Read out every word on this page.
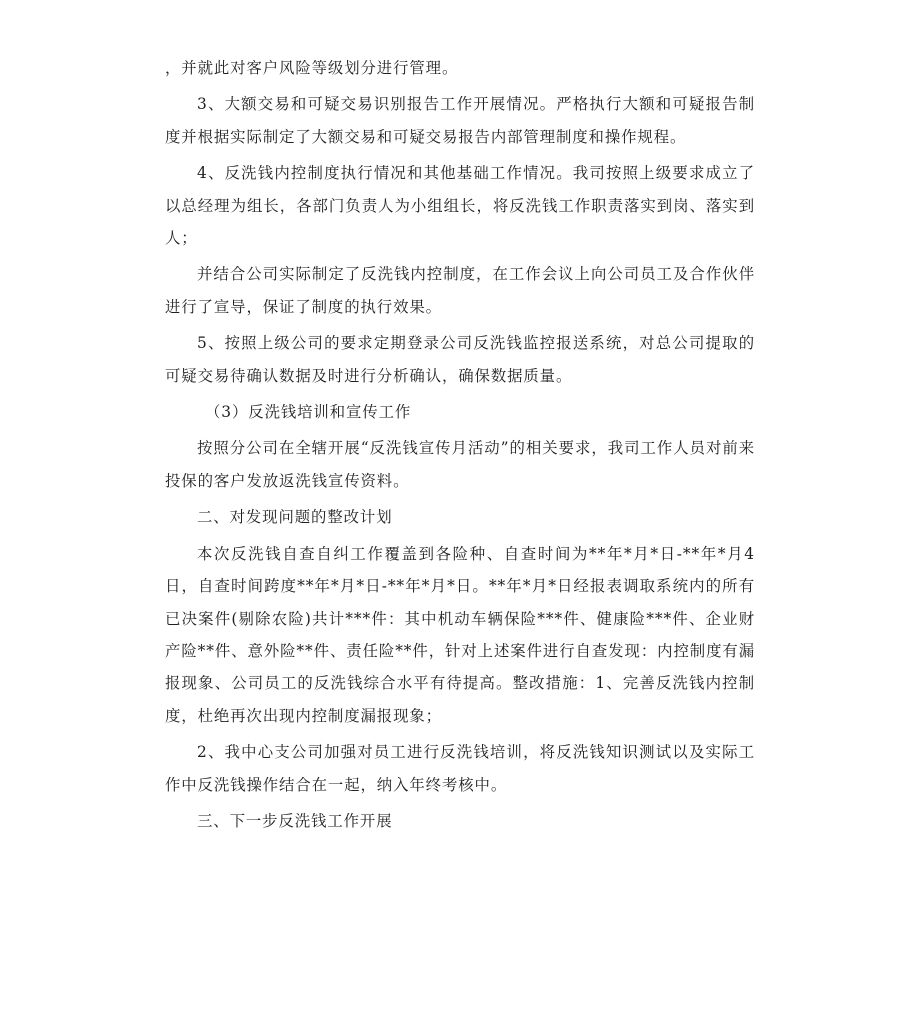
，并就此对客户风险等级划分进行管理。

3、大额交易和可疑交易识别报告工作开展情况。严格执行大额和可疑报告制度并根据实际制定了大额交易和可疑交易报告内部管理制度和操作规程。

4、反洗钱内控制度执行情况和其他基础工作情况。我司按照上级要求成立了以总经理为组长，各部门负责人为小组组长，将反洗钱工作职责落实到岗、落实到人；

并结合公司实际制定了反洗钱内控制度，在工作会议上向公司员工及合作伙伴进行了宣导，保证了制度的执行效果。

5、按照上级公司的要求定期登录公司反洗钱监控报送系统，对总公司提取的可疑交易待确认数据及时进行分析确认，确保数据质量。

（3）反洗钱培训和宣传工作

按照分公司在全辖开展“反洗钱宣传月活动”的相关要求，我司工作人员对前来投保的客户发放返洗钱宣传资料。

二、对发现问题的整改计划

本次反洗钱自查自纠工作覆盖到各险种、自查时间为**年*月*日-**年*月4日，自查时间跨度**年*月*日-**年*月*日。**年*月*日经报表调取系统内的所有已决案件(剔除农险)共计***件：其中机动车辆保险***件、健康险***件、企业财产险**件、意外险**件、责任险**件，针对上述案件进行自查发现：内控制度有漏报现象、公司员工的反洗钱综合水平有待提高。整改措施：1、完善反洗钱内控制度，杜绝再次出现内控制度漏报现象；

2、我中心支公司加强对员工进行反洗钱培训，将反洗钱知识测试以及实际工作中反洗钱操作结合在一起，纳入年终考核中。

三、下一步反洗钱工作开展
